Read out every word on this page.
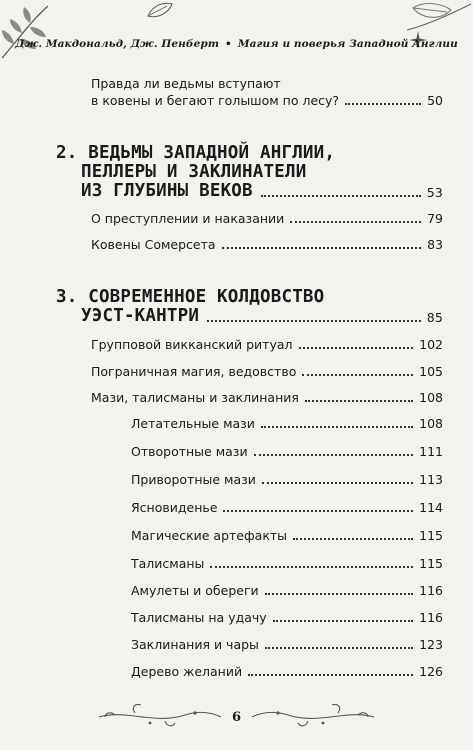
Дж. Макдональд, Дж. Пенберт • Магия и поверья Западной Англии
Правда ли ведьмы вступают
в ковены и бегают голышом по лесу?	50
2. ВЕДЬМЫ ЗАПАДНОЙ АНГЛИИ,
ПЕЛЛЕРЫ И ЗАКЛИНАТЕЛИ
ИЗ ГЛУБИНЫ ВЕКОВ	53
О преступлении и наказании	79
Ковены Сомерсета	83
3. СОВРЕМЕННОЕ КОЛДОВСТВО
УЭСТ-КАНТРИ	85
Групповой викканский ритуал	102
Пограничная магия, ведовство	105
Мази, талисманы и заклинания	108
Летательные мази	108
Отворотные мази	111
Приворотные мази	113
Ясновиденье	114
Магические артефакты	115
Талисманы	115
Амулеты и обереги	116
Талисманы на удачу	116
Заклинания и чары	123
Дерево желаний	126
6
